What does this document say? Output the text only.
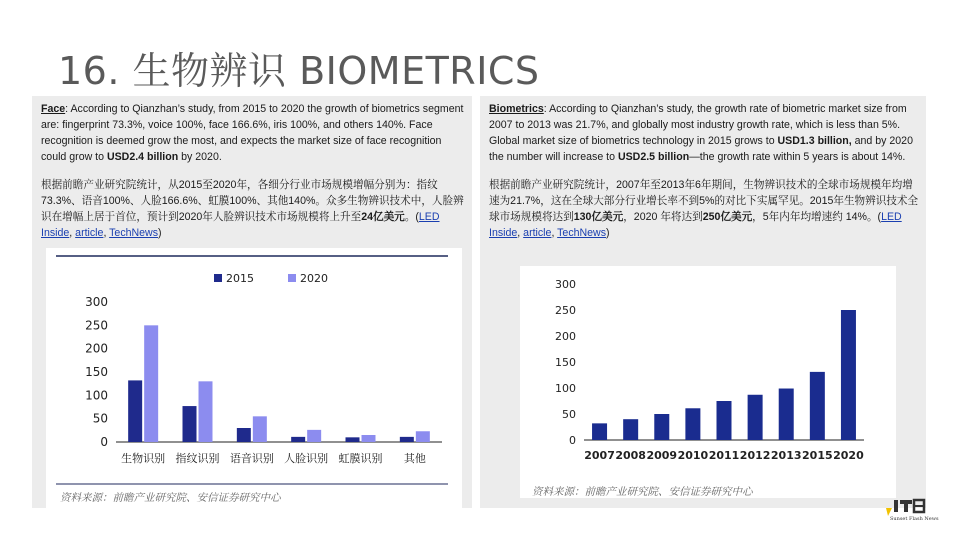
16. 生物辨识 BIOMETRICS

Face: According to Qianzhan’s study, from 2015 to 2020 the growth of biometrics segment are: fingerprint 73.3%, voice 100%, face 166.6%, iris 100%, and others 140%. Face recognition is deemed grow the most, and expects the market size of face recognition could grow to USD2.4 billion by 2020.

根据前瞻产业研究院统计，从2015至2020年，各细分行业市场规模增幅分别为：指纹73.3%、语音100%、人脸166.6%、虹膜100%、其他140%。众多生物辨识技术中，人脸辨识在增幅上居于首位，预计到2020年人脸辨识技术市场规模将上升至24亿美元。(LED Inside, article, TechNews)

2015	2020
0
50
100
150
200
250
300
生物识别 指纹识别 语音识别 人脸识别 虹膜识别 其他
资料来源：前瞻产业研究院、安信证券研究中心

Biometrics: According to Qianzhan’s study, the growth rate of biometric market size from 2007 to 2013 was 21.7%, and globally most industry growth rate, which is less than 5%. Global market size of biometrics technology in 2015 grows to USD1.3 billion, and by 2020 the number will increase to USD2.5 billion—the growth rate within 5 years is about 14%.

根据前瞻产业研究院统计，2007年至2013年6年期间，生物辨识技术的全球市场规模年均增速为21.7%，这在全球大部分行业增长率不到5%的对比下实属罕见。2015年生物辨识技术全球市场规模将达到130亿美元，2020 年将达到250亿美元，5年内年均增速约 14%。(LED Inside, article, TechNews)

0
50
100
150
200
250
300
2007 2008 2009 2010 2011 2012 2013 2015 2020
资料来源：前瞻产业研究院、安信证券研究中心
Sunset Flash News
